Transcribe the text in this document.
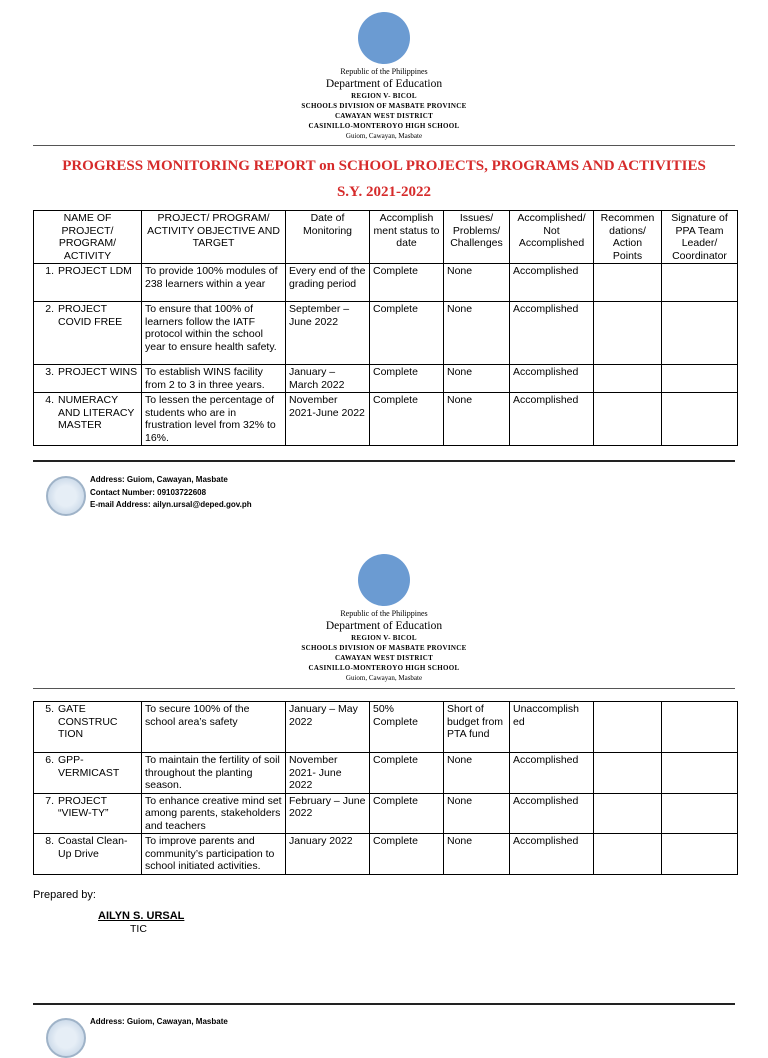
Republic of the Philippines
Department of Education
REGION V- BICOL
SCHOOLS DIVISION OF MASBATE PROVINCE
CAWAYAN WEST DISTRICT
CASINILLO-MONTEROYO HIGH SCHOOL
Guiom, Cawayan, Masbate
PROGRESS MONITORING REPORT on SCHOOL PROJECTS, PROGRAMS AND ACTIVITIES
S.Y. 2021-2022
NAME OF PROJECT/ PROGRAM/ ACTIVITY	PROJECT/ PROGRAM/ ACTIVITY OBJECTIVE AND TARGET	Date of Monitoring	Accomplish ment status to date	Issues/ Problems/ Challenges	Accomplished/ Not Accomplished	Recommen dations/ Action Points	Signature of PPA Team Leader/ Coordinator

1. PROJECT LDM	To provide 100% modules of 238 learners within a year	Every end of the grading period	Complete	None	Accomplished		

2. PROJECT COVID FREE	To ensure that 100% of learners follow the IATF protocol within the school year to ensure health safety.	September – June 2022	Complete	None	Accomplished		

3. PROJECT WINS	To establish WINS facility from 2 to 3 in three years.	January – March 2022	Complete	None	Accomplished		

4. NUMERACY AND LITERACY MASTER	To lessen the percentage of students who are in frustration level from 32% to 16%.	November 2021-June 2022	Complete	None	Accomplished		
Address: Guiom, Cawayan, Masbate
Contact Number: 09103722608
E-mail Address: ailyn.ursal@deped.gov.ph
Republic of the Philippines
Department of Education
REGION V- BICOL
SCHOOLS DIVISION OF MASBATE PROVINCE
CAWAYAN WEST DISTRICT
CASINILLO-MONTEROYO HIGH SCHOOL
Guiom, Cawayan, Masbate
5. GATE CONSTRUC TION	To secure 100% of the school area’s safety	January – May 2022	50% Complete	Short of budget from PTA fund	Unaccomplish ed		

6. GPP-VERMICAST	To maintain the fertility of soil throughout the planting season.	November 2021- June 2022	Complete	None	Accomplished		

7. PROJECT “VIEW-TY”	To enhance creative mind set among parents, stakeholders and teachers	February – June 2022	Complete	None	Accomplished		

8. Coastal Clean-Up Drive	To improve parents and community’s participation to school initiated activities.	January 2022	Complete	None	Accomplished		
Prepared by:
AILYN S. URSAL
TIC
Address: Guiom, Cawayan, Masbate
